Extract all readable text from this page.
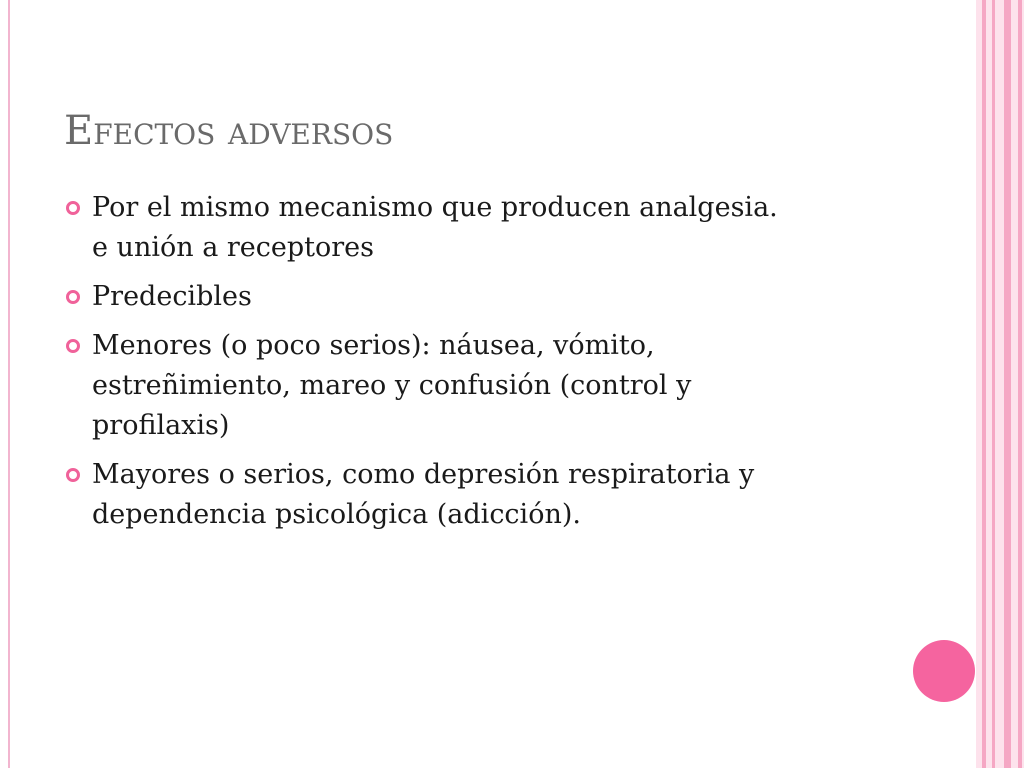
Efectos adversos
Por el mismo mecanismo que producen analgesia.
e unión a receptores
Predecibles
Menores (o poco serios): náusea, vómito,
estreñimiento, mareo y confusión (control y
profilaxis)
Mayores o serios, como depresión respiratoria y
dependencia psicológica (adicción).
